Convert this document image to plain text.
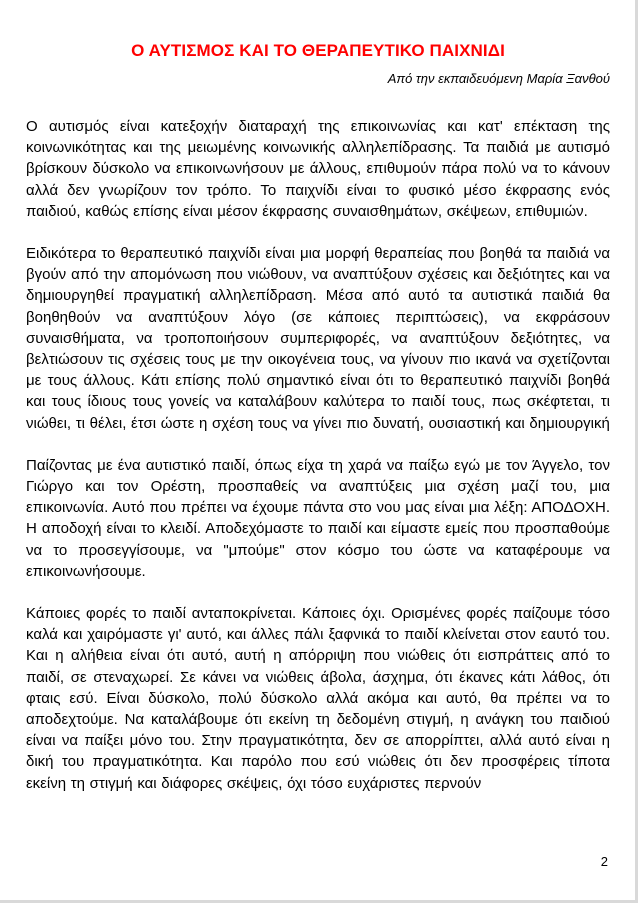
Ο ΑΥΤΙΣΜΟΣ ΚΑΙ ΤΟ ΘΕΡΑΠΕΥΤΙΚΟ ΠΑΙΧΝΙΔΙ

Από την εκπαιδευόμενη Μαρία Ξανθού

Ο αυτισμός είναι κατεξοχήν διαταραχή της επικοινωνίας και κατ' επέκταση της κοινωνικότητας και της μειωμένης κοινωνικής αλληλεπίδρασης. Τα παιδιά με αυτισμό βρίσκουν δύσκολο να επικοινωνήσουν με άλλους, επιθυμούν πάρα πολύ να το κάνουν αλλά δεν γνωρίζουν τον τρόπο. Το παιχνίδι είναι το φυσικό μέσο έκφρασης ενός παιδιού, καθώς επίσης είναι μέσον έκφρασης συναισθημάτων, σκέψεων, επιθυμιών.

Ειδικότερα το θεραπευτικό παιχνίδι είναι μια μορφή θεραπείας που βοηθά τα παιδιά να βγούν από την απομόνωση που νιώθουν, να αναπτύξουν σχέσεις και δεξιότητες και να δημιουργηθεί πραγματική αλληλεπίδραση. Μέσα από αυτό τα αυτιστικά παιδιά θα βοηθηθούν να αναπτύξουν λόγο (σε κάποιες περιπτώσεις), να εκφράσουν συναισθήματα, να τροποποιήσουν συμπεριφορές, να αναπτύξουν δεξιότητες, να βελτιώσουν τις σχέσεις τους με την οικογένεια τους, να γίνουν πιο ικανά να σχετίζονται με τους άλλους. Κάτι επίσης πολύ σημαντικό είναι ότι το θεραπευτικό παιχνίδι βοηθά και τους ίδιους τους γονείς να καταλάβουν καλύτερα το παιδί τους, πως σκέφτεται, τι νιώθει, τι θέλει, έτσι ώστε η σχέση τους να γίνει πιο δυνατή, ουσιαστική και δημιουργική

Παίζοντας με ένα αυτιστικό παιδί, όπως είχα τη χαρά να παίξω εγώ με τον Άγγελο, τον Γιώργο και τον Ορέστη, προσπαθείς να αναπτύξεις μια σχέση μαζί του, μια επικοινωνία. Αυτό που πρέπει να έχουμε πάντα στο νου μας είναι μια λέξη: ΑΠΟΔΟΧΗ. Η αποδοχή είναι το κλειδί. Αποδεχόμαστε το παιδί και είμαστε εμείς που προσπαθούμε να το προσεγγίσουμε, να "μπούμε" στον κόσμο του ώστε να καταφέρουμε να επικοινωνήσουμε.

Κάποιες φορές το παιδί ανταποκρίνεται. Κάποιες όχι. Ορισμένες φορές παίζουμε τόσο καλά και χαιρόμαστε γι' αυτό, και άλλες πάλι ξαφνικά το παιδί κλείνεται στον εαυτό του. Και η αλήθεια είναι ότι αυτό, αυτή η απόρριψη που νιώθεις ότι εισπράττεις από το παιδί, σε στεναχωρεί. Σε κάνει να νιώθεις άβολα, άσχημα, ότι έκανες κάτι λάθος, ότι φταις εσύ. Είναι δύσκολο, πολύ δύσκολο αλλά ακόμα και αυτό, θα πρέπει να το αποδεχτούμε. Να καταλάβουμε ότι εκείνη τη δεδομένη στιγμή, η ανάγκη του παιδιού είναι να παίξει μόνο του. Στην πραγματικότητα, δεν σε απορρίπτει, αλλά αυτό είναι η δική του πραγματικότητα. Και παρόλο που εσύ νιώθεις ότι δεν προσφέρεις τίποτα εκείνη τη στιγμή και διάφορες σκέψεις, όχι τόσο ευχάριστες περνούν

2
